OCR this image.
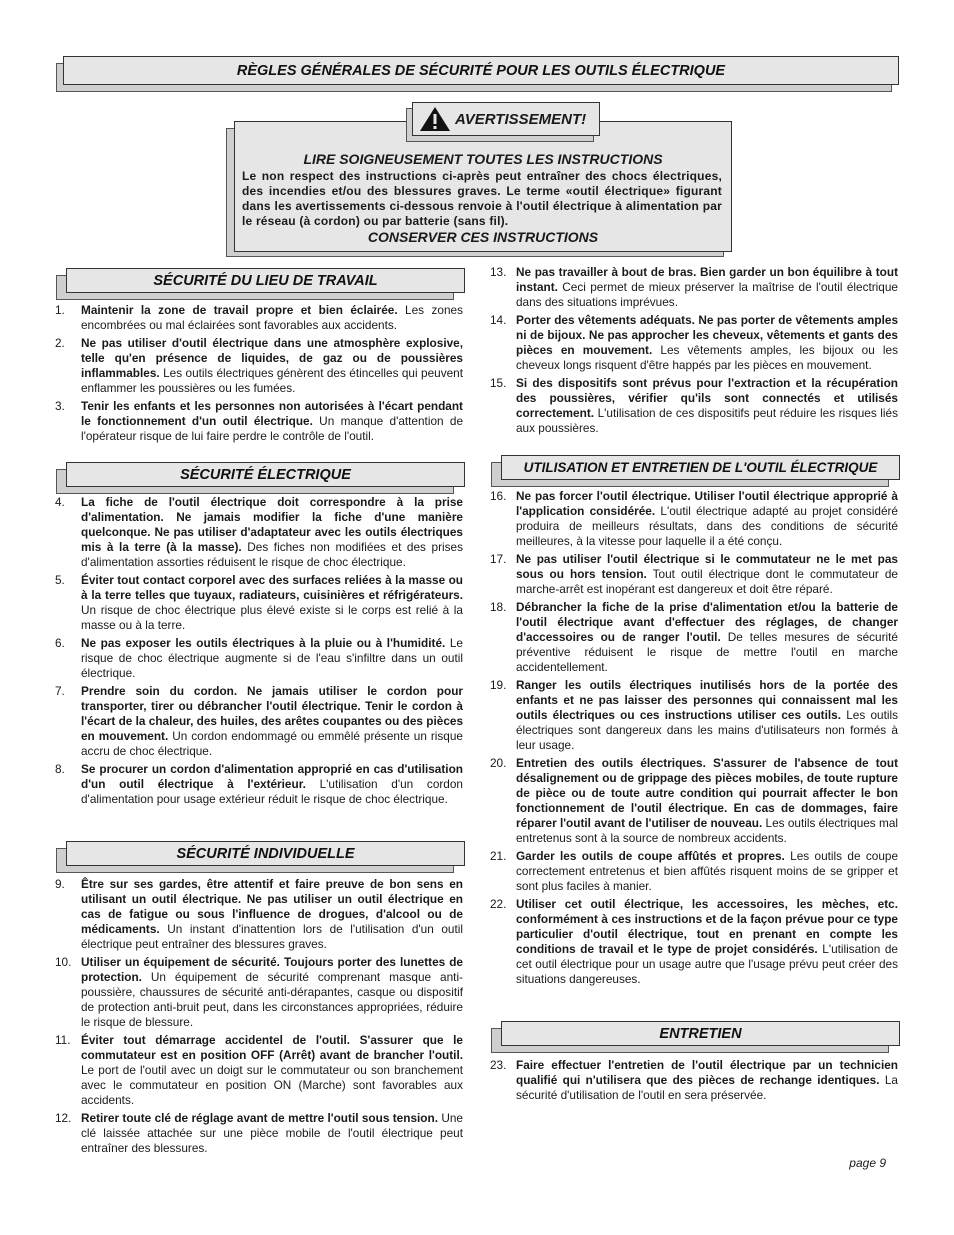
RÈGLES GÉNÉRALES DE SÉCURITÉ POUR LES OUTILS ÉLECTRIQUE
AVERTISSEMENT!
LIRE SOIGNEUSEMENT TOUTES LES INSTRUCTIONS
Le non respect des instructions ci-après peut entraîner des chocs électriques, des incendies et/ou des blessures graves. Le terme «outil électrique» figurant dans les avertissements ci-dessous renvoie à l'outil électrique à alimentation par le réseau (à cordon) ou par batterie (sans fil).
CONSERVER CES INSTRUCTIONS
SÉCURITÉ DU LIEU DE TRAVAIL
SÉCURITÉ ÉLECTRIQUE
SÉCURITÉ INDIVIDUELLE
UTILISATION ET ENTRETIEN DE L'OUTIL ÉLECTRIQUE
ENTRETIEN
1. Maintenir la zone de travail propre et bien éclairée. Les zones encombrées ou mal éclairées sont favorables aux accidents.
2. Ne pas utiliser d'outil électrique dans une atmosphère explosive, telle qu'en présence de liquides, de gaz ou de poussières inflammables. Les outils électriques génèrent des étincelles qui peuvent enflammer les poussières ou les fumées.
3. Tenir les enfants et les personnes non autorisées à l'écart pendant le fonctionnement d'un outil électrique. Un manque d'attention de l'opérateur risque de lui faire perdre le contrôle de l'outil.
4. La fiche de l'outil électrique doit correspondre à la prise d'alimentation. Ne jamais modifier la fiche d'une manière quelconque. Ne pas utiliser d'adaptateur avec les outils électriques mis à la terre (à la masse). Des fiches non modifiées et des prises d'alimentation assorties réduisent le risque de choc électrique.
5. Éviter tout contact corporel avec des surfaces reliées à la masse ou à la terre telles que tuyaux, radiateurs, cuisinières et réfrigérateurs. Un risque de choc électrique plus élevé existe si le corps est relié à la masse ou à la terre.
6. Ne pas exposer les outils électriques à la pluie ou à l'humidité. Le risque de choc électrique augmente si de l'eau s'infiltre dans un outil électrique.
7. Prendre soin du cordon. Ne jamais utiliser le cordon pour transporter, tirer ou débrancher l'outil électrique. Tenir le cordon à l'écart de la chaleur, des huiles, des arêtes coupantes ou des pièces en mouvement. Un cordon endommagé ou emmêlé présente un risque accru de choc électrique.
8. Se procurer un cordon d'alimentation approprié en cas d'utilisation d'un outil électrique à l'extérieur. L'utilisation d'un cordon d'alimentation pour usage extérieur réduit le risque de choc électrique.
9. Être sur ses gardes, être attentif et faire preuve de bon sens en utilisant un outil électrique. Ne pas utiliser un outil électrique en cas de fatigue ou sous l'influence de drogues, d'alcool ou de médicaments. Un instant d'inattention lors de l'utilisation d'un outil électrique peut entraîner des blessures graves.
10. Utiliser un équipement de sécurité. Toujours porter des lunettes de protection. Un équipement de sécurité comprenant masque anti-poussière, chaussures de sécurité anti-dérapantes, casque ou dispositif de protection anti-bruit peut, dans les circonstances appropriées, réduire le risque de blessure.
11. Éviter tout démarrage accidentel de l'outil. S'assurer que le commutateur est en position OFF (Arrêt) avant de brancher l'outil. Le port de l'outil avec un doigt sur le commutateur ou son branchement avec le commutateur en position ON (Marche) sont favorables aux accidents.
12. Retirer toute clé de réglage avant de mettre l'outil sous tension. Une clé laissée attachée sur une pièce mobile de l'outil électrique peut entraîner des blessures.
13. Ne pas travailler à bout de bras. Bien garder un bon équilibre à tout instant. Ceci permet de mieux préserver la maîtrise de l'outil électrique dans des situations imprévues.
14. Porter des vêtements adéquats. Ne pas porter de vêtements amples ni de bijoux. Ne pas approcher les cheveux, vêtements et gants des pièces en mouvement. Les vêtements amples, les bijoux ou les cheveux longs risquent d'être happés par les pièces en mouvement.
15. Si des dispositifs sont prévus pour l'extraction et la récupération des poussières, vérifier qu'ils sont connectés et utilisés correctement. L'utilisation de ces dispositifs peut réduire les risques liés aux poussières.
16. Ne pas forcer l'outil électrique. Utiliser l'outil électrique approprié à l'application considérée. L'outil électrique adapté au projet considéré produira de meilleurs résultats, dans des conditions de sécurité meilleures, à la vitesse pour laquelle il a été conçu.
17. Ne pas utiliser l'outil électrique si le commutateur ne le met pas sous ou hors tension. Tout outil électrique dont le commutateur de marche-arrêt est inopérant est dangereux et doit être réparé.
18. Débrancher la fiche de la prise d'alimentation et/ou la batterie de l'outil électrique avant d'effectuer des réglages, de changer d'accessoires ou de ranger l'outil. De telles mesures de sécurité préventive réduisent le risque de mettre l'outil en marche accidentellement.
19. Ranger les outils électriques inutilisés hors de la portée des enfants et ne pas laisser des personnes qui connaissent mal les outils électriques ou ces instructions utiliser ces outils. Les outils électriques sont dangereux dans les mains d'utilisateurs non formés à leur usage.
20. Entretien des outils électriques. S'assurer de l'absence de tout désalignement ou de grippage des pièces mobiles, de toute rupture de pièce ou de toute autre condition qui pourrait affecter le bon fonctionnement de l'outil électrique. En cas de dommages, faire réparer l'outil avant de l'utiliser de nouveau. Les outils électriques mal entretenus sont à la source de nombreux accidents.
21. Garder les outils de coupe affûtés et propres. Les outils de coupe correctement entretenus et bien affûtés risquent moins de se gripper et sont plus faciles à manier.
22. Utiliser cet outil électrique, les accessoires, les mèches, etc. conformément à ces instructions et de la façon prévue pour ce type particulier d'outil électrique, tout en prenant en compte les conditions de travail et le type de projet considérés. L'utilisation de cet outil électrique pour un usage autre que l'usage prévu peut créer des situations dangereuses.
23. Faire effectuer l'entretien de l'outil électrique par un technicien qualifié qui n'utilisera que des pièces de rechange identiques. La sécurité d'utilisation de l'outil en sera préservée.
page 9
